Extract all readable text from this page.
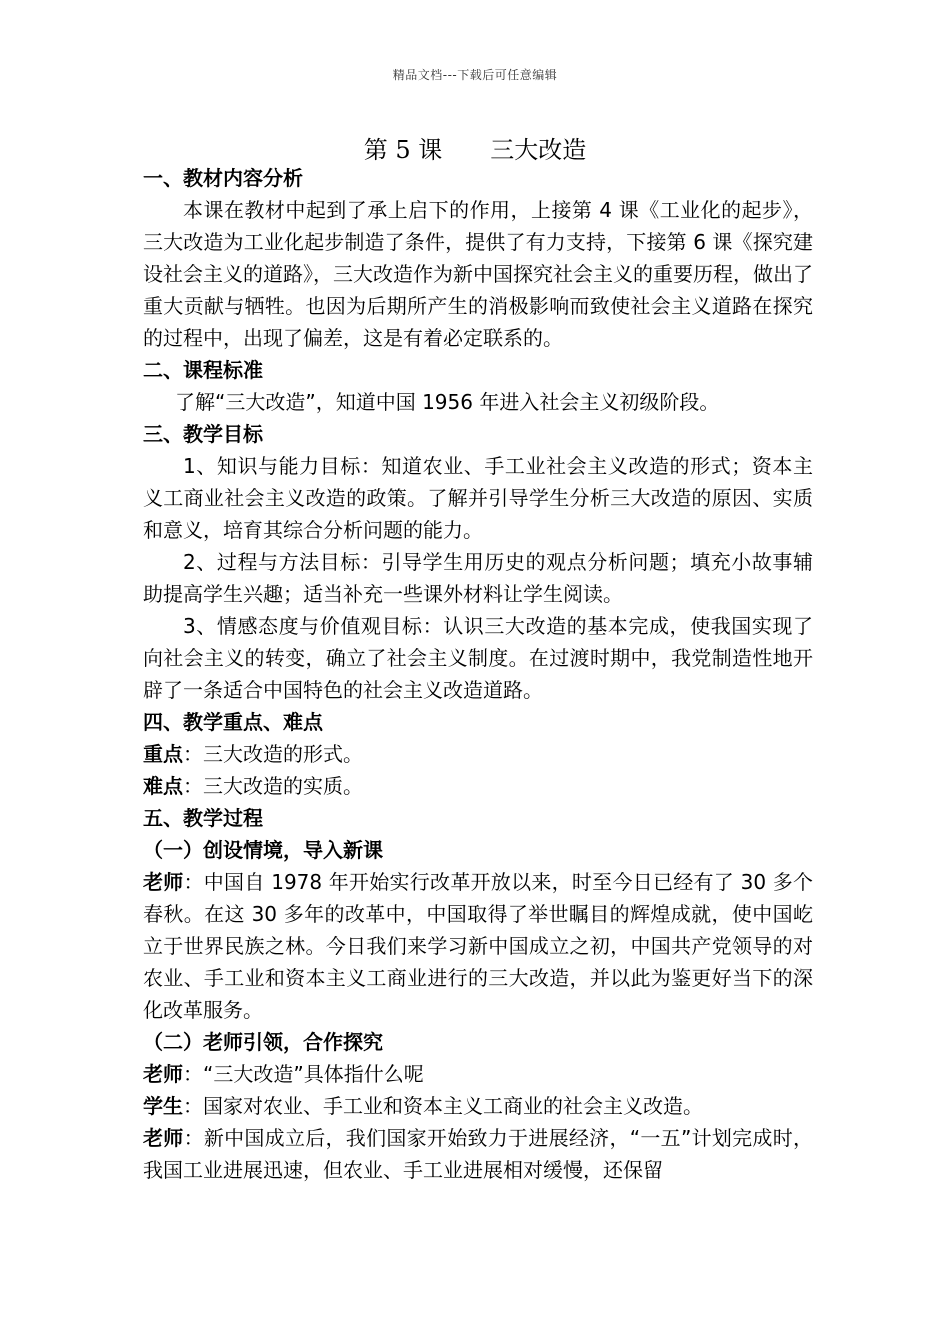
精品文档---下载后可任意编辑
第 5 课　　三大改造

一、教材内容分析

本课在教材中起到了承上启下的作用，上接第 4 课《工业化的起步》，三大改造为工业化起步制造了条件，提供了有力支持，下接第 6 课《探究建设社会主义的道路》，三大改造作为新中国探究社会主义的重要历程，做出了重大贡献与牺牲。也因为后期所产生的消极影响而致使社会主义道路在探究的过程中，出现了偏差，这是有着必定联系的。

二、课程标准

了解“三大改造”，知道中国 1956 年进入社会主义初级阶段。

三、教学目标

1、知识与能力目标：知道农业、手工业社会主义改造的形式；资本主义工商业社会主义改造的政策。了解并引导学生分析三大改造的原因、实质和意义，培育其综合分析问题的能力。

2、过程与方法目标：引导学生用历史的观点分析问题；填充小故事辅助提高学生兴趣；适当补充一些课外材料让学生阅读。

3、情感态度与价值观目标：认识三大改造的基本完成，使我国实现了向社会主义的转变，确立了社会主义制度。在过渡时期中，我党制造性地开辟了一条适合中国特色的社会主义改造道路。

四、教学重点、难点

重点：三大改造的形式。

难点：三大改造的实质。

五、教学过程

（一）创设情境，导入新课

老师：中国自 1978 年开始实行改革开放以来，时至今日已经有了 30 多个春秋。在这 30 多年的改革中，中国取得了举世瞩目的辉煌成就，使中国屹立于世界民族之林。今日我们来学习新中国成立之初，中国共产党领导的对农业、手工业和资本主义工商业进行的三大改造，并以此为鉴更好当下的深化改革服务。

（二）老师引领，合作探究

老师：“三大改造”具体指什么呢

学生：国家对农业、手工业和资本主义工商业的社会主义改造。

老师：新中国成立后，我们国家开始致力于进展经济，“一五”计划完成时，我国工业进展迅速，但农业、手工业进展相对缓慢，还保留
